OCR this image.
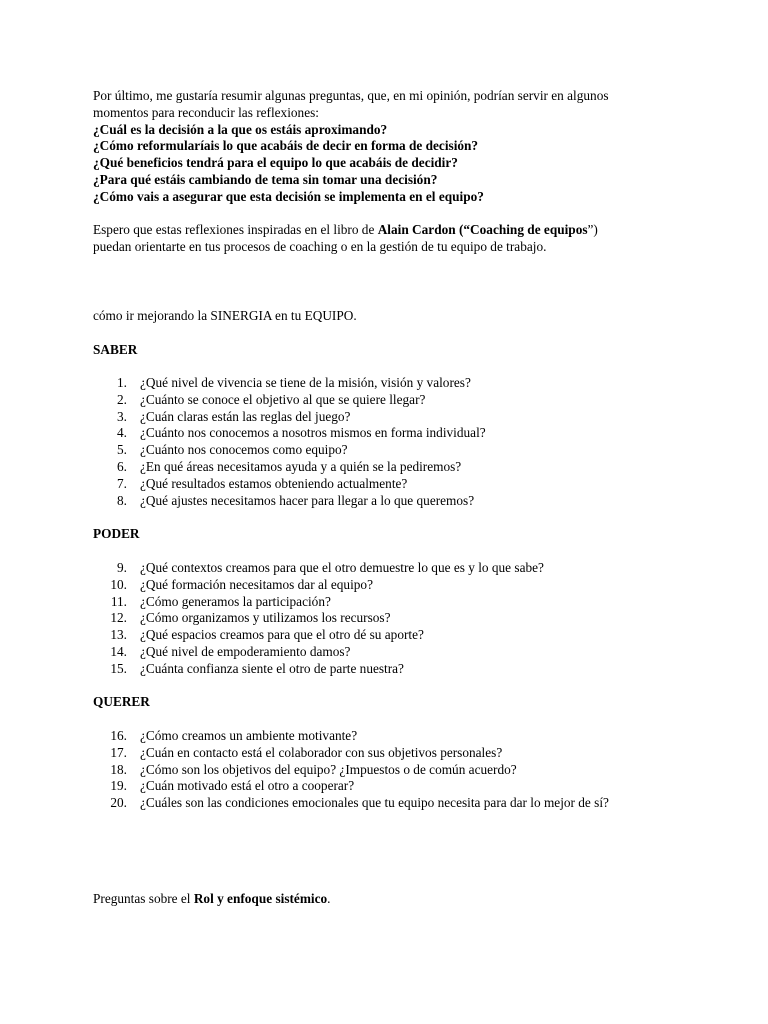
Por último, me gustaría resumir algunas preguntas, que, en mi opinión, podrían servir en algunos

momentos para reconducir las reflexiones:

¿Cuál es la decisión a la que os estáis aproximando?

¿Cómo reformularíais lo que acabáis de decir en forma de decisión?

¿Qué beneficios tendrá para el equipo lo que acabáis de decidir?

¿Para qué estáis cambiando de tema sin tomar una decisión?

¿Cómo vais a asegurar que esta decisión se implementa en el equipo?

Espero que estas reflexiones inspiradas en el libro de Alain Cardon (“Coaching de equipos”)

puedan orientarte en tus procesos de coaching o en la gestión de tu equipo de trabajo.

cómo ir mejorando la SINERGIA en tu EQUIPO.

SABER
1. ¿Qué nivel de vivencia se tiene de la misión, visión y valores?
2. ¿Cuánto se conoce el objetivo al que se quiere llegar?
3. ¿Cuán claras están las reglas del juego?
4. ¿Cuánto nos conocemos a nosotros mismos en forma individual?
5. ¿Cuánto nos conocemos como equipo?
6. ¿En qué áreas necesitamos ayuda y a quién se la pediremos?
7. ¿Qué resultados estamos obteniendo actualmente?
8. ¿Qué ajustes necesitamos hacer para llegar a lo que queremos?
PODER
9. ¿Qué contextos creamos para que el otro demuestre lo que es y lo que sabe?
10. ¿Qué formación necesitamos dar al equipo?
11. ¿Cómo generamos la participación?
12. ¿Cómo organizamos y utilizamos los recursos?
13. ¿Qué espacios creamos para que el otro dé su aporte?
14. ¿Qué nivel de empoderamiento damos?
15. ¿Cuánta confianza siente el otro de parte nuestra?
QUERER
16. ¿Cómo creamos un ambiente motivante?
17. ¿Cuán en contacto está el colaborador con sus objetivos personales?
18. ¿Cómo son los objetivos del equipo? ¿Impuestos o de común acuerdo?
19. ¿Cuán motivado está el otro a cooperar?
20. ¿Cuáles son las condiciones emocionales que tu equipo necesita para dar lo mejor de sí?

Preguntas sobre el Rol y enfoque sistémico.
